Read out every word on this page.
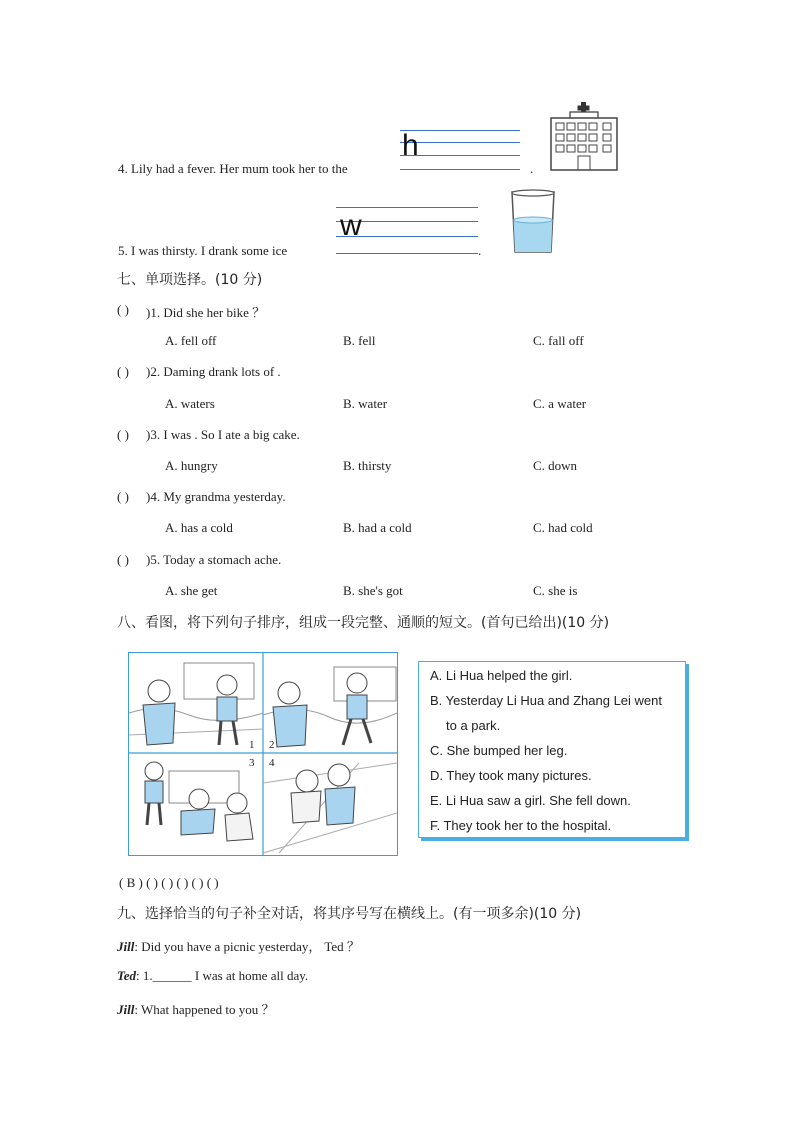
4. Lily had a fever. Her mum took her to the
h
.
5. I was thirsty. I drank some ice
w
.
七、单项选择。(10 分)
( ) )1. Did she her bike ？
A. fell off	B. fell	C. fall off
( ) )2. Daming drank lots of .
A. waters	B. water	C. a water
( ) )3. I was . So I ate a big cake.
A. hungry	B. thirsty	C. down
( ) )4. My grandma yesterday.
A. has a cold	B. had a cold	C. had cold
( ) )5. Today a stomach ache.
A. she get	B. she's got	C. she is
八、看图，将下列句子排序，组成一段完整、通顺的短文。(首句已给出)(10 分)
1 2
3 4
A. Li Hua helped the girl.
B. Yesterday Li Hua and Zhang Lei went
to a park.
C. She bumped her leg.
D. They took many pictures.
E. Li Hua saw a girl. She fell down.
F. They took her to the hospital.
( B ) ( ) ( ) ( ) ( ) ( )
九、选择恰当的句子补全对话，将其序号写在横线上。(有一项多余)(10 分)
Jill: Did you have a picnic yesterday， Ted ？
Ted: 1.______ I was at home all day.
Jill: What happened to you ？
